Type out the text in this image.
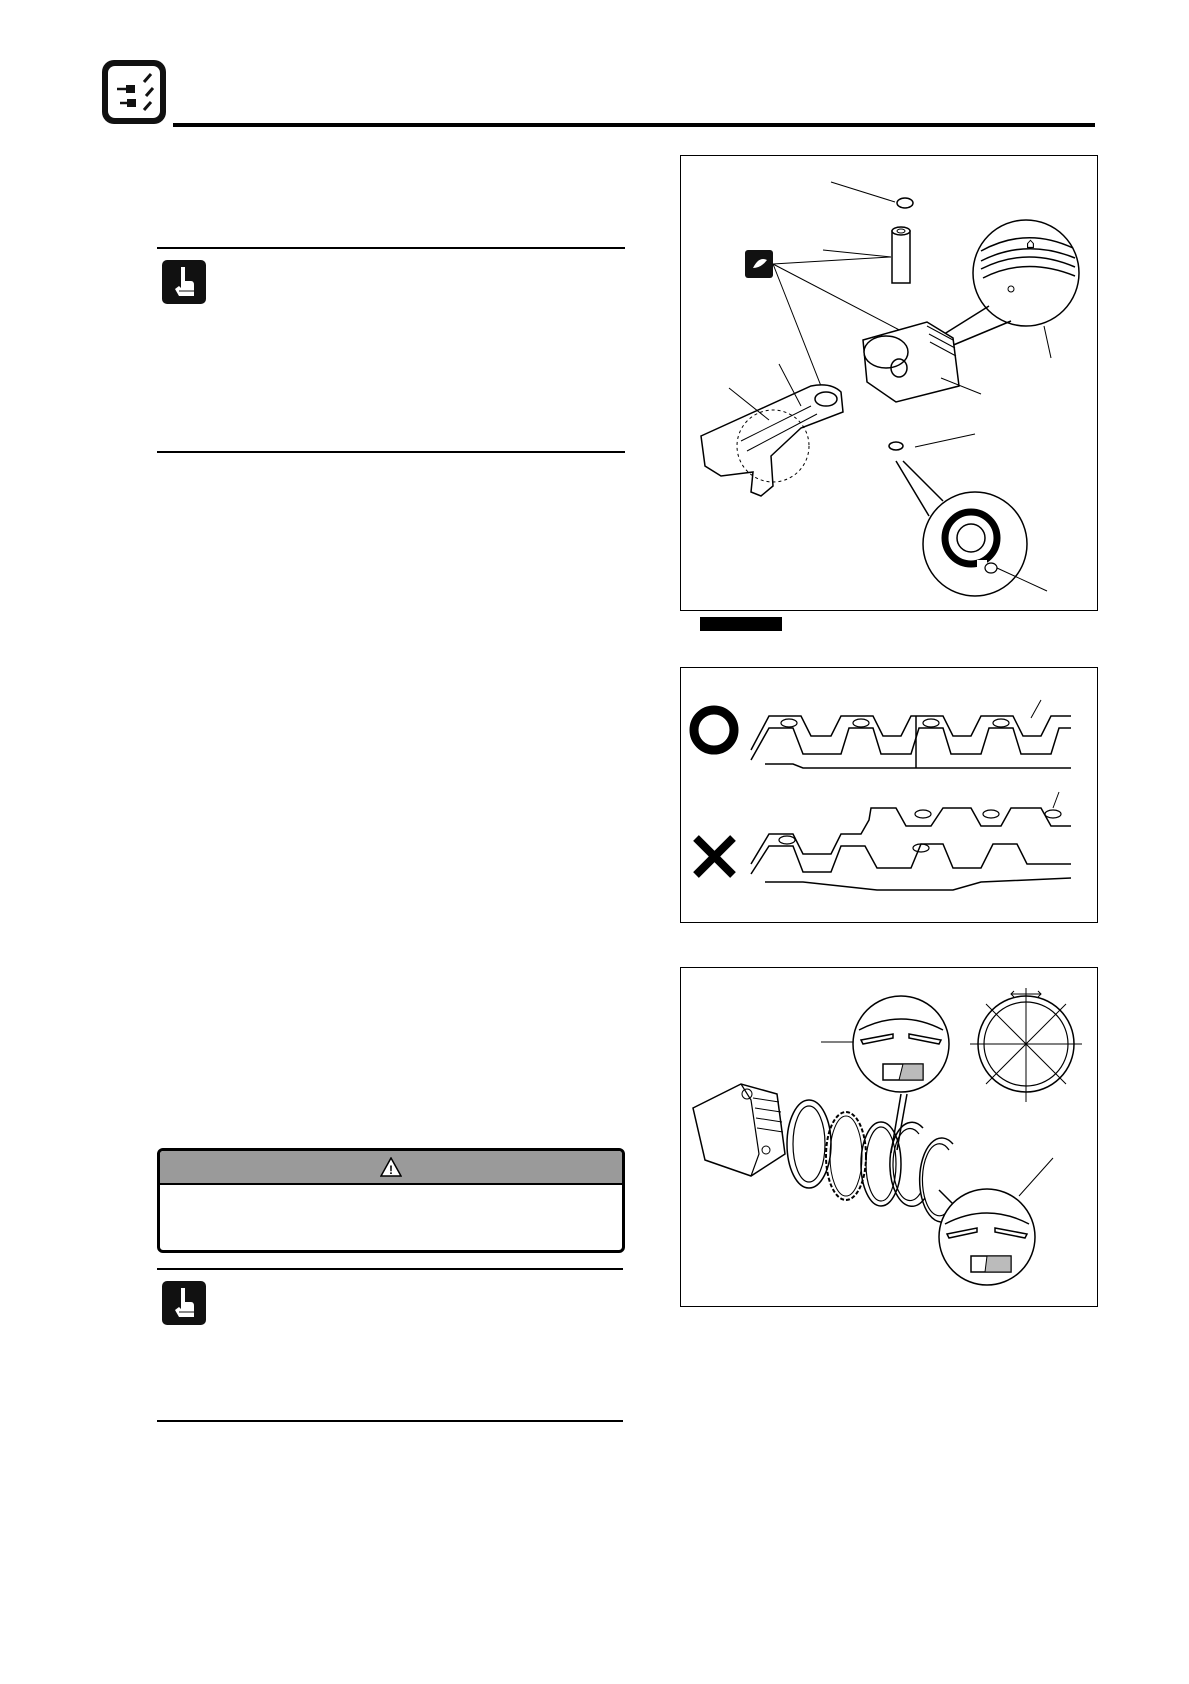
⌂
!
